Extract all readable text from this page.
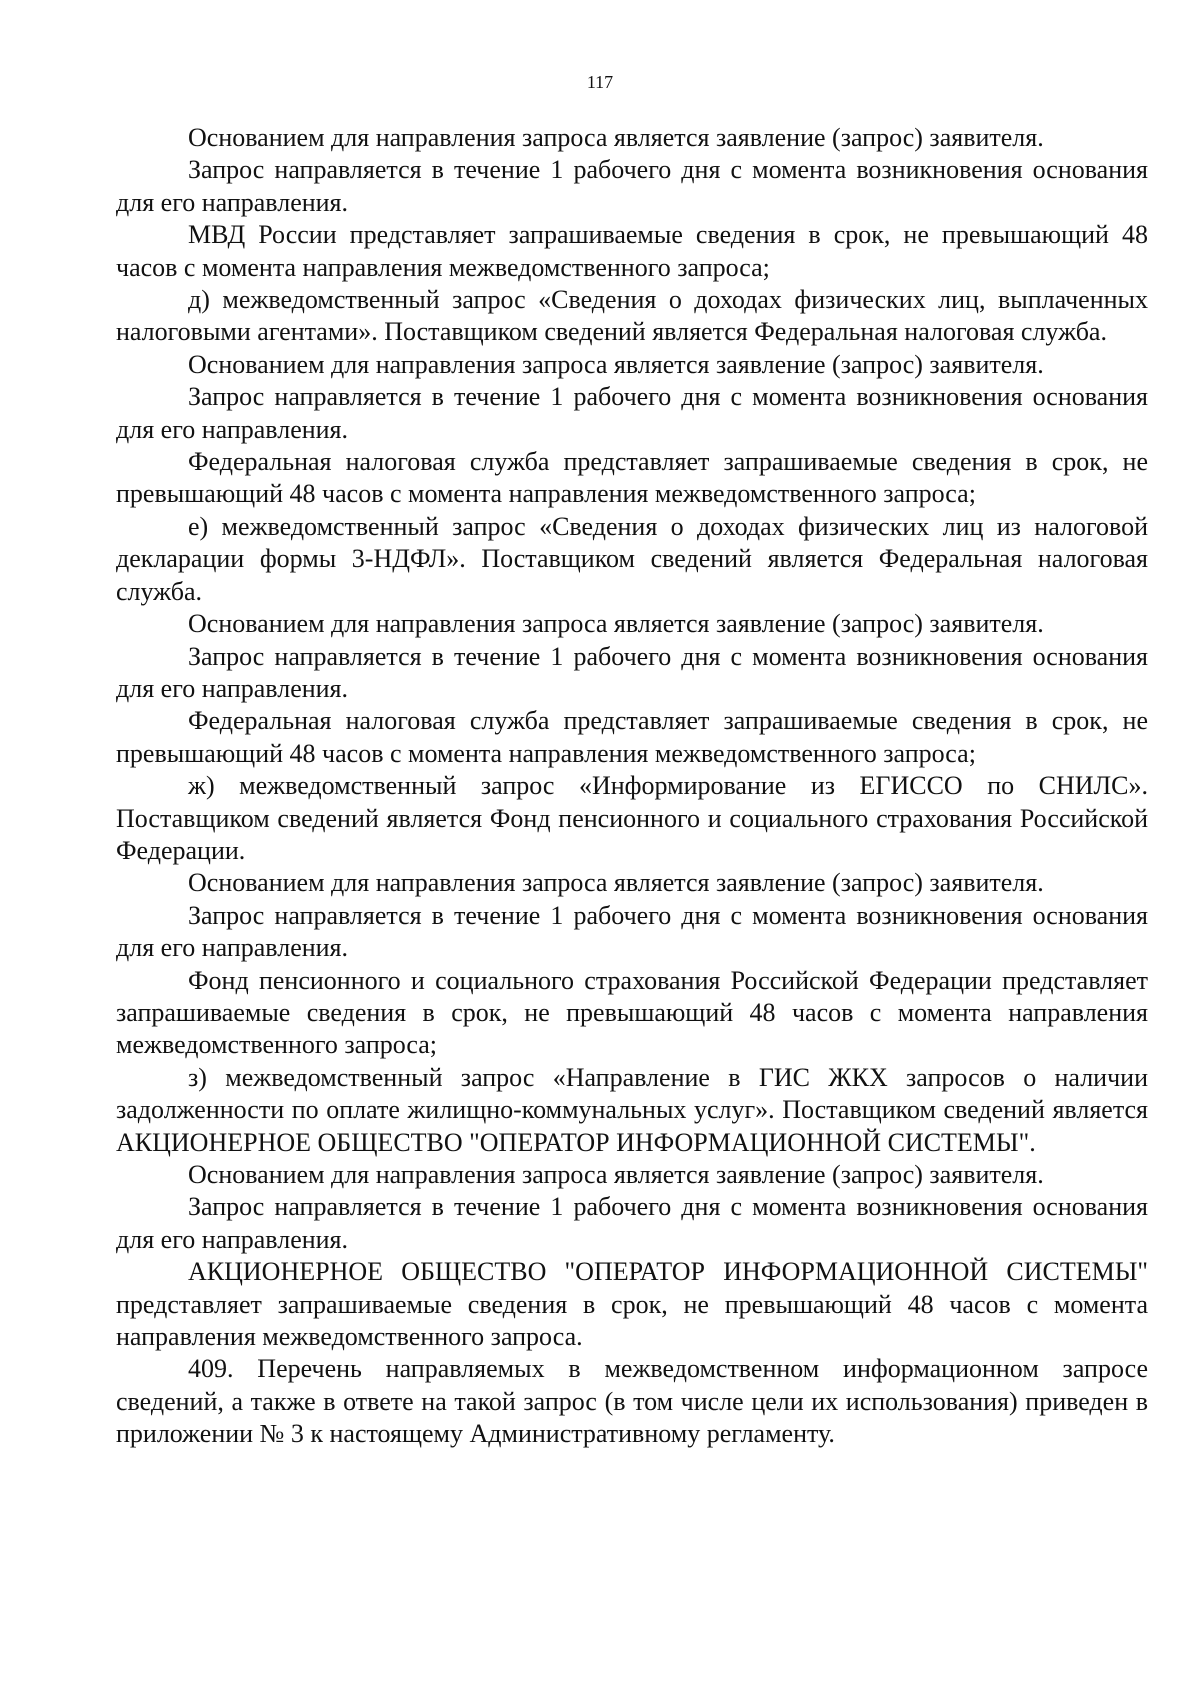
117

Основанием для направления запроса является заявление (запрос) заявителя.

Запрос направляется в течение 1 рабочего дня с момента возникновения основания для его направления.

МВД России представляет запрашиваемые сведения в срок, не превышающий 48 часов с момента направления межведомственного запроса;

д) межведомственный запрос «Сведения о доходах физических лиц, выплаченных налоговыми агентами». Поставщиком сведений является Федеральная налоговая служба.

Основанием для направления запроса является заявление (запрос) заявителя.

Запрос направляется в течение 1 рабочего дня с момента возникновения основания для его направления.

Федеральная налоговая служба представляет запрашиваемые сведения в срок, не превышающий 48 часов с момента направления межведомственного запроса;

е) межведомственный запрос «Сведения о доходах физических лиц из налоговой декларации формы 3-НДФЛ». Поставщиком сведений является Федеральная налоговая служба.

Основанием для направления запроса является заявление (запрос) заявителя.

Запрос направляется в течение 1 рабочего дня с момента возникновения основания для его направления.

Федеральная налоговая служба представляет запрашиваемые сведения в срок, не превышающий 48 часов с момента направления межведомственного запроса;

ж) межведомственный запрос «Информирование из ЕГИССО по СНИЛС». Поставщиком сведений является Фонд пенсионного и социального страхования Российской Федерации.

Основанием для направления запроса является заявление (запрос) заявителя.

Запрос направляется в течение 1 рабочего дня с момента возникновения основания для его направления.

Фонд пенсионного и социального страхования Российской Федерации представляет запрашиваемые сведения в срок, не превышающий 48 часов с момента направления межведомственного запроса;

з) межведомственный запрос «Направление в ГИС ЖКХ запросов о наличии задолженности по оплате жилищно-коммунальных услуг». Поставщиком сведений является АКЦИОНЕРНОЕ ОБЩЕСТВО "ОПЕРАТОР ИНФОРМАЦИОННОЙ СИСТЕМЫ".

Основанием для направления запроса является заявление (запрос) заявителя.

Запрос направляется в течение 1 рабочего дня с момента возникновения основания для его направления.

АКЦИОНЕРНОЕ ОБЩЕСТВО "ОПЕРАТОР ИНФОРМАЦИОННОЙ СИСТЕМЫ" представляет запрашиваемые сведения в срок, не превышающий 48 часов с момента направления межведомственного запроса.

409. Перечень направляемых в межведомственном информационном запросе сведений, а также в ответе на такой запрос (в том числе цели их использования) приведен в приложении № 3 к настоящему Административному регламенту.
